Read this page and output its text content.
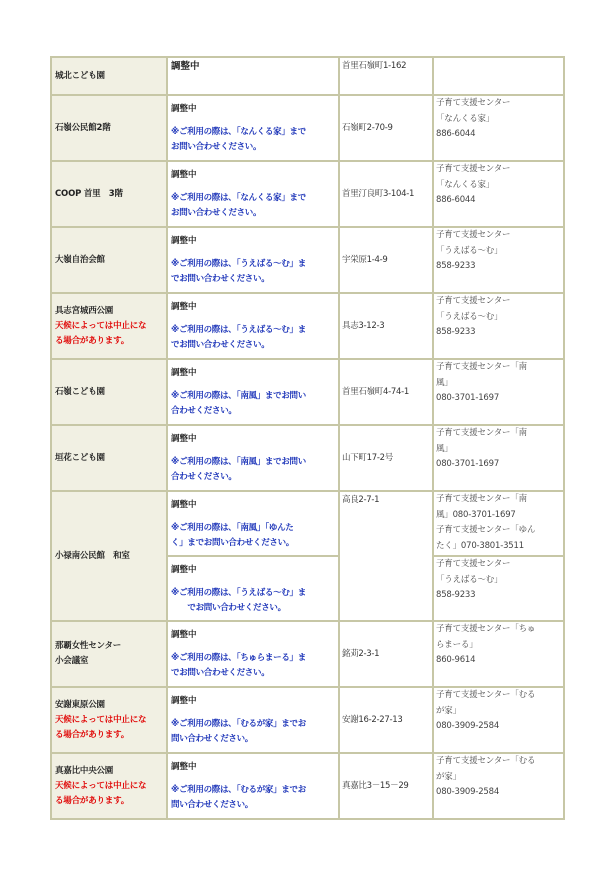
城北こども園	調整中	首里石嶺町1-162	

石嶺公民館2階	調整中
※ご利用の際は、「なんくる家」まで
お問い合わせください。	石嶺町2-70-9	子育て支援センター
「なんくる家」
886-6044

COOP 首里　3階	調整中
※ご利用の際は、「なんくる家」まで
お問い合わせください。	首里汀良町3-104-1	子育て支援センター
「なんくる家」
886-6044

大嶺自治会館	調整中
※ご利用の際は、「うえばる～む」ま
でお問い合わせください。	宇栄原1-4-9	子育て支援センター
「うえばる～む」
858-9233

具志宮城西公園
天候によっては中止にな
る場合があります。	調整中
※ご利用の際は、「うえばる～む」ま
でお問い合わせください。	具志3-12-3	子育て支援センター
「うえばる～む」
858-9233

石嶺こども園	調整中
※ご利用の際は、「南風」までお問い
合わせください。	首里石嶺町4-74-1	子育て支援センター「南
風」
080-3701-1697

垣花こども園	調整中
※ご利用の際は、「南風」までお問い
合わせください。	山下町17-2号	子育て支援センター「南
風」
080-3701-1697

小禄南公民館　和室	調整中
※ご利用の際は、「南風」「ゆんた
く」までお問い合わせください。	高良2-7-1	子育て支援センター「南
風」080-3701-1697
子育て支援センター「ゆん
たく」070-3801-3511

	調整中
※ご利用の際は、「うえばる～む」ま
　　でお問い合わせください。		子育て支援センター
「うえばる～む」
858-9233

那覇女性センター
小会議室	調整中
※ご利用の際は、「ちゅらまーる」ま
でお問い合わせください。	銘苅2-3-1	子育て支援センター「ちゅ
らまーる」
860-9614

安謝東原公園
天候によっては中止にな
る場合があります。	調整中
※ご利用の際は、「むるが家」までお
問い合わせください。	安謝16-2-27-13	子育て支援センター「むる
が家」
080-3909-2584

真嘉比中央公園
天候によっては中止にな
る場合があります。	調整中
※ご利用の際は、「むるが家」までお
問い合わせください。	真嘉比3－15－29	子育て支援センター「むる
が家」
080-3909-2584
